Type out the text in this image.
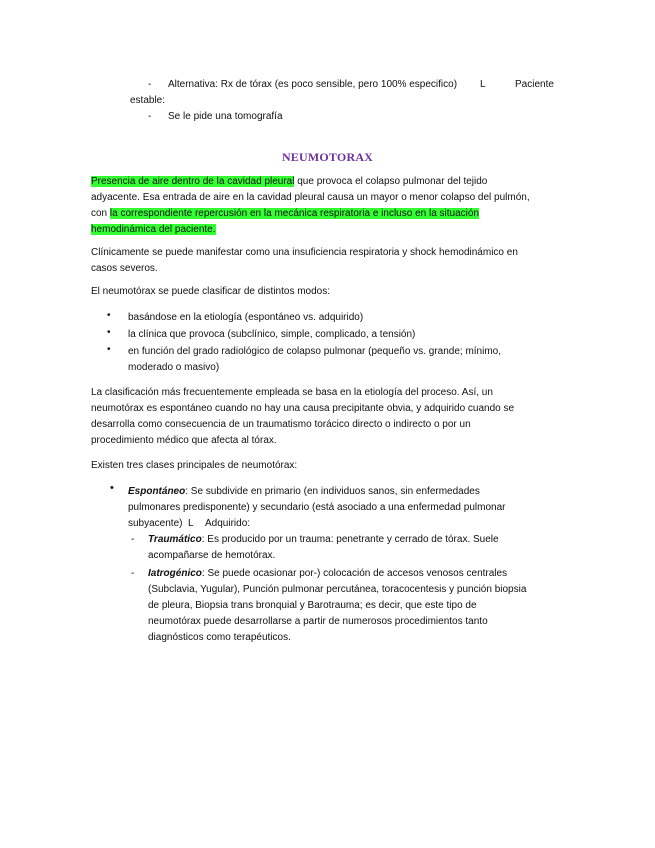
- Alternativa: Rx de tórax (es poco sensible, pero 100% especifico) L	Paciente
estable:
- Se le pide una tomografía
NEUMOTORAX
Presencia de aire dentro de la cavidad pleural que provoca el colapso pulmonar del tejido
adyacente. Esa entrada de aire en la cavidad pleural causa un mayor o menor colapso del pulmón,
con la correspondiente repercusión en la mecánica respiratoria e incluso en la situación
hemodinámica del paciente.
Clínicamente se puede manifestar como una insuficiencia respiratoria y shock hemodinámico en
casos severos.
El neumotórax se puede clasificar de distintos modos:
• basándose en la etiología (espontáneo vs. adquirido)
• la clínica que provoca (subclínico, simple, complicado, a tensión)
• en función del grado radiológico de colapso pulmonar (pequeño vs. grande; mínimo,
moderado o masivo)
La clasificación más frecuentemente empleada se basa en la etiología del proceso. Así, un
neumotórax es espontáneo cuando no hay una causa precipitante obvia, y adquirido cuando se
desarrolla como consecuencia de un traumatismo torácico directo o indirecto o por un
procedimiento médico que afecta al tórax.
Existen tres clases principales de neumotórax:
• Espontáneo: Se subdivide en primario (en individuos sanos, sin enfermedades
pulmonares predisponente) y secundario (está asociado a una enfermedad pulmonar
subyacente) L Adquirido:
- Traumático: Es producido por un trauma: penetrante y cerrado de tórax. Suele
acompañarse de hemotórax.
- Iatrogénico: Se puede ocasionar por-) colocación de accesos venosos centrales
(Subclavia, Yugular), Punción pulmonar percutánea, toracocentesis y punción biopsia
de pleura, Biopsia trans bronquial y Barotrauma; es decir, que este tipo de
neumotórax puede desarrollarse a partir de numerosos procedimientos tanto
diagnósticos como terapéuticos.
